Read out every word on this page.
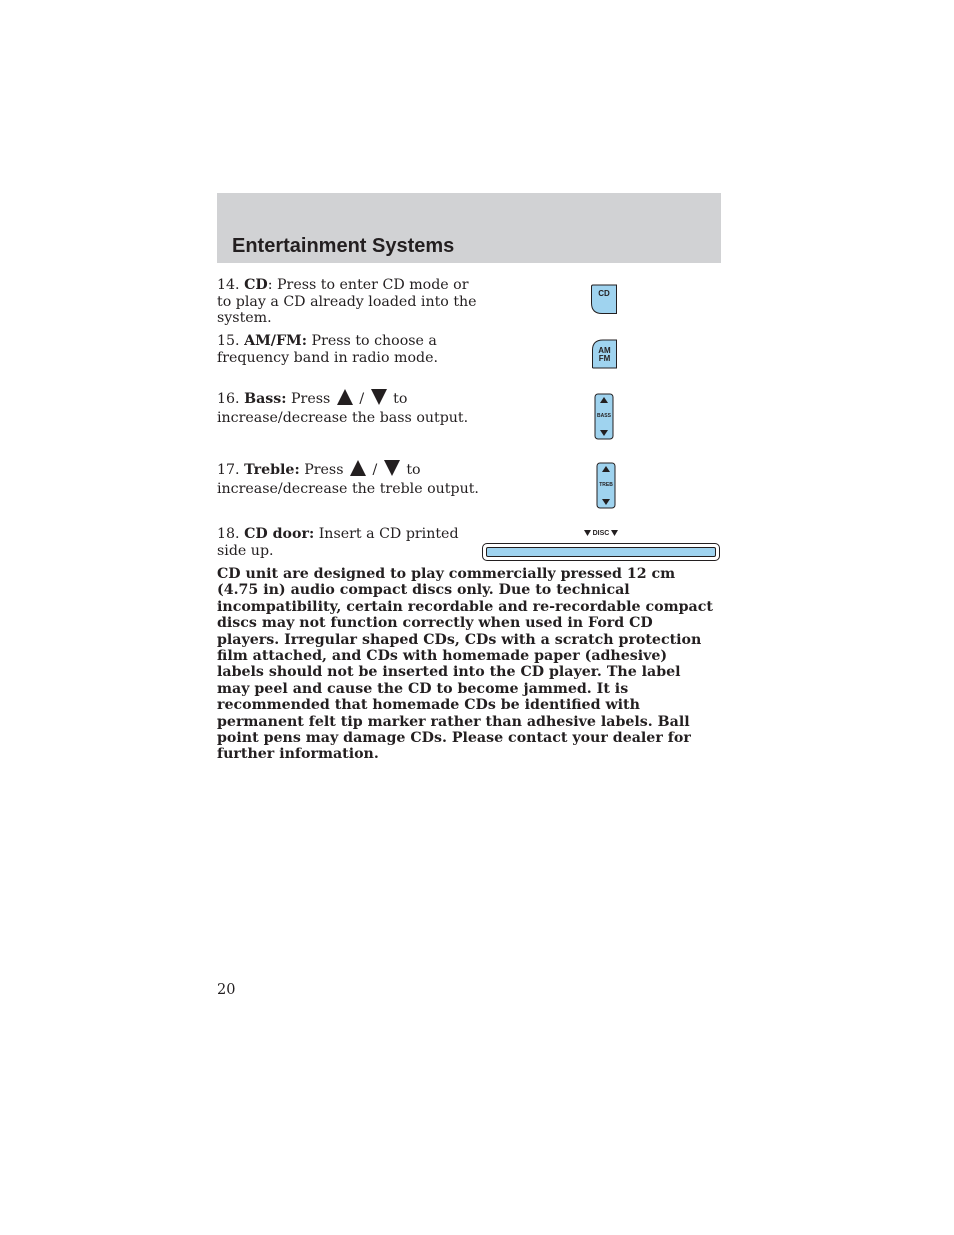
Entertainment Systems
14. CD: Press to enter CD mode or to play a CD already loaded into the system.
CD
15. AM/FM: Press to choose a frequency band in radio mode.	AM
FM
16. Bass: Press  /  to
increase/decrease the bass output.	BASS
17. Treble: Press  /  to
increase/decrease the treble output.	TREB
18. CD door: Insert a CD printed side up.
DISC
CD unit are designed to play commercially pressed 12 cm (4.75 in) audio compact discs only. Due to technical incompatibility, certain recordable and re-recordable compact discs may not function correctly when used in Ford CD players. Irregular shaped CDs, CDs with a scratch protection film attached, and CDs with homemade paper (adhesive) labels should not be inserted into the CD player. The label may peel and cause the CD to become jammed. It is recommended that homemade CDs be identified with permanent felt tip marker rather than adhesive labels. Ball point pens may damage CDs. Please contact your dealer for further information.
20
